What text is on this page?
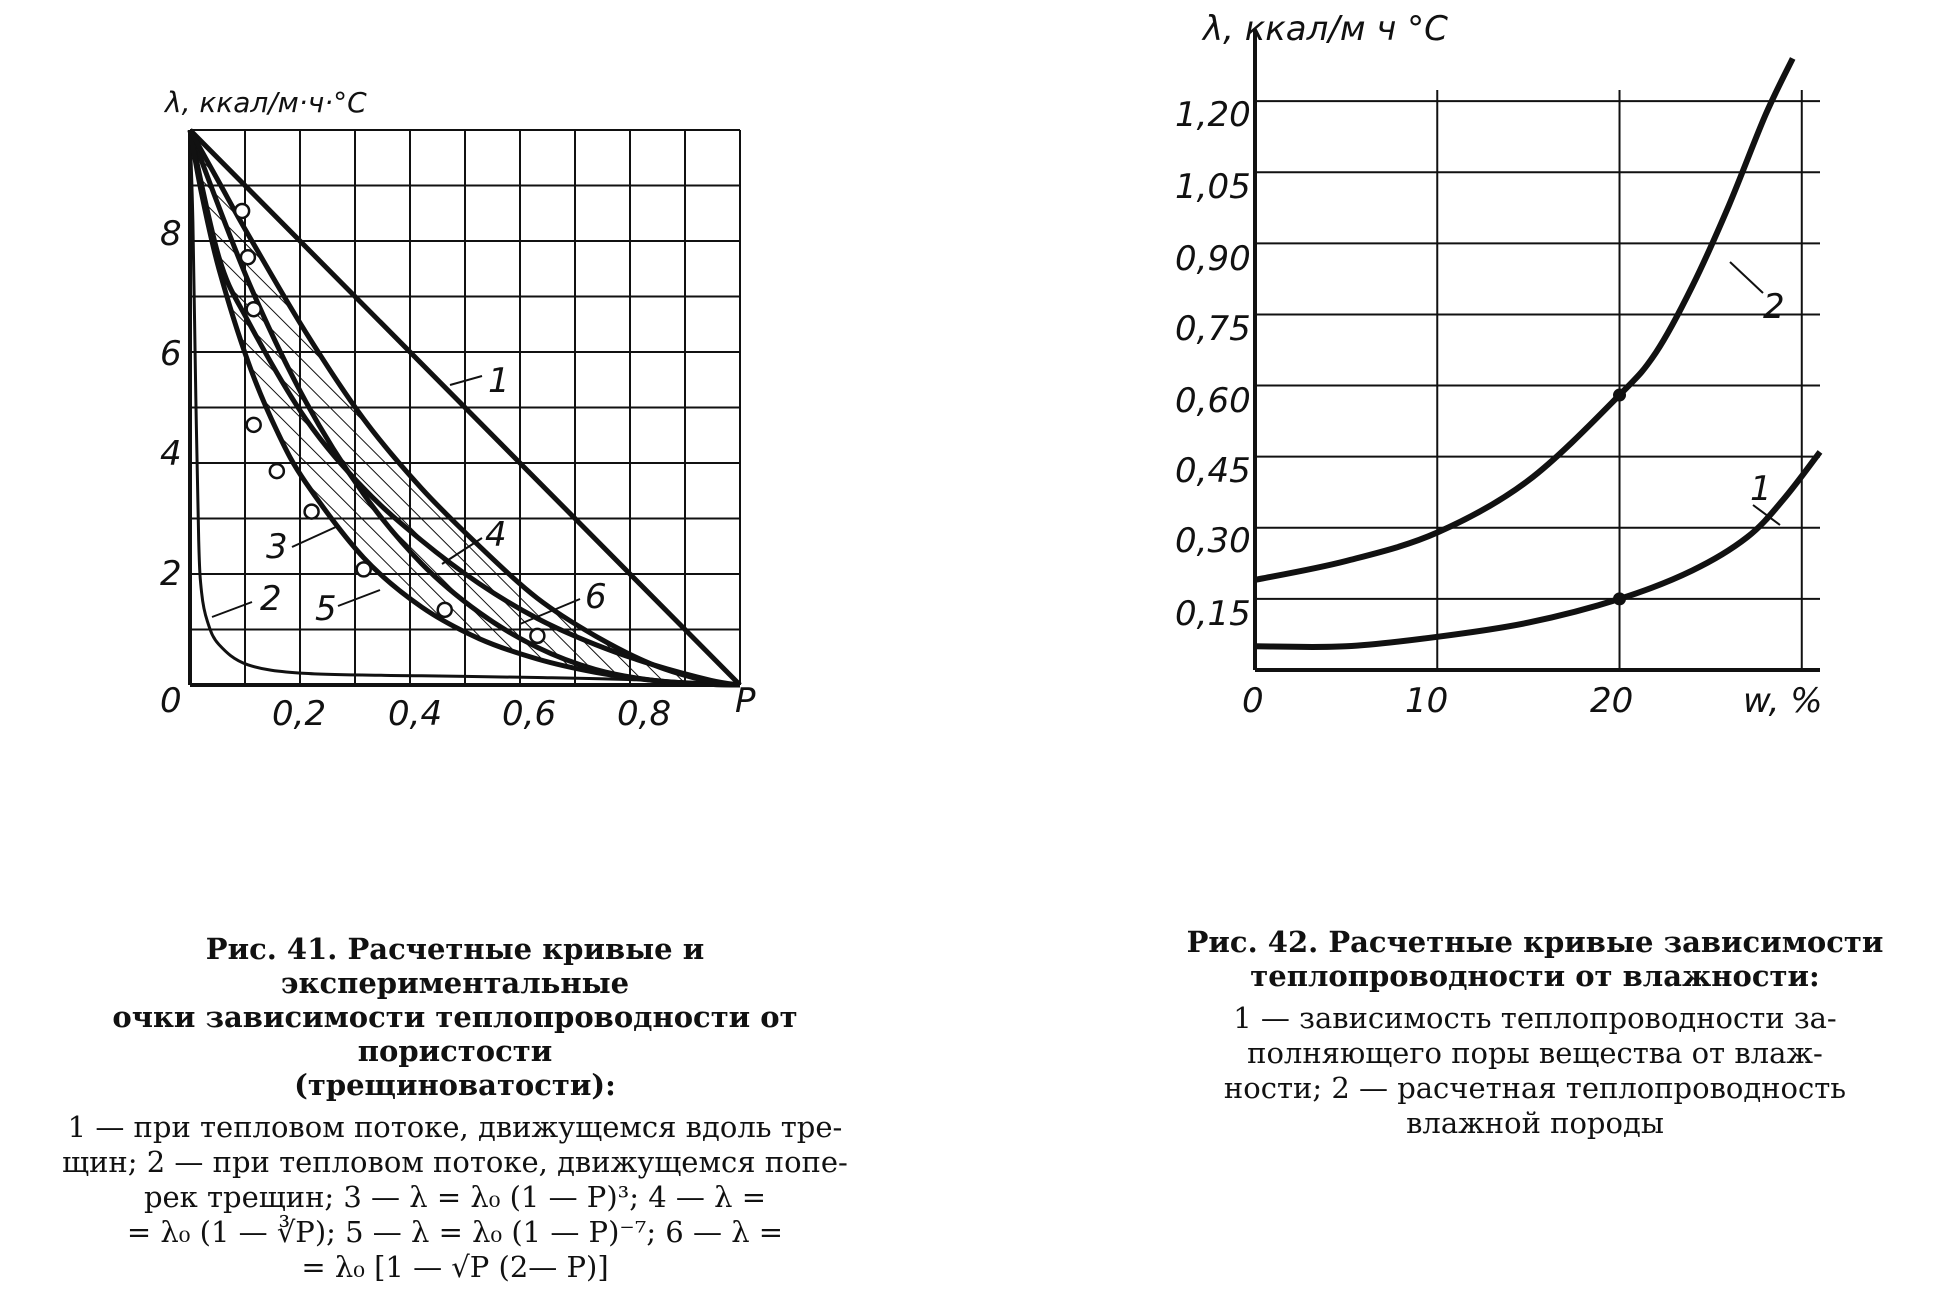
λ, ккал/м·ч·°С
P
0	0,2 0,4 0,6 0,8
2
4
6
8
1
2
3	4
5	6
Рис. 41. Расчетные кривые и экспериментальные
очки зависимости теплопроводности от пористости
(трещиноватости):
1 — при тепловом потоке, движущемся вдоль тре-
щин; 2 — при тепловом потоке, движущемся попе-
рек трещин; 3 — λ = λ₀ (1 — P)³; 4 — λ =
= λ₀ (1 — ∛P); 5 — λ = λ₀ (1 — P)⁻⁷; 6 — λ =
= λ₀ [1 — √P (2— P)]
λ, ккал/м ч °С
w, %
0	10	20
0,15
0,30
0,45
0,60
0,75
0,90
1,05
1,20
1
2
Рис. 42. Расчетные кривые зависимости
теплопроводности от влажности:
1 — зависимость теплопроводности за-
полняющего поры вещества от влаж-
ности; 2 — расчетная теплопроводность
влажной породы
